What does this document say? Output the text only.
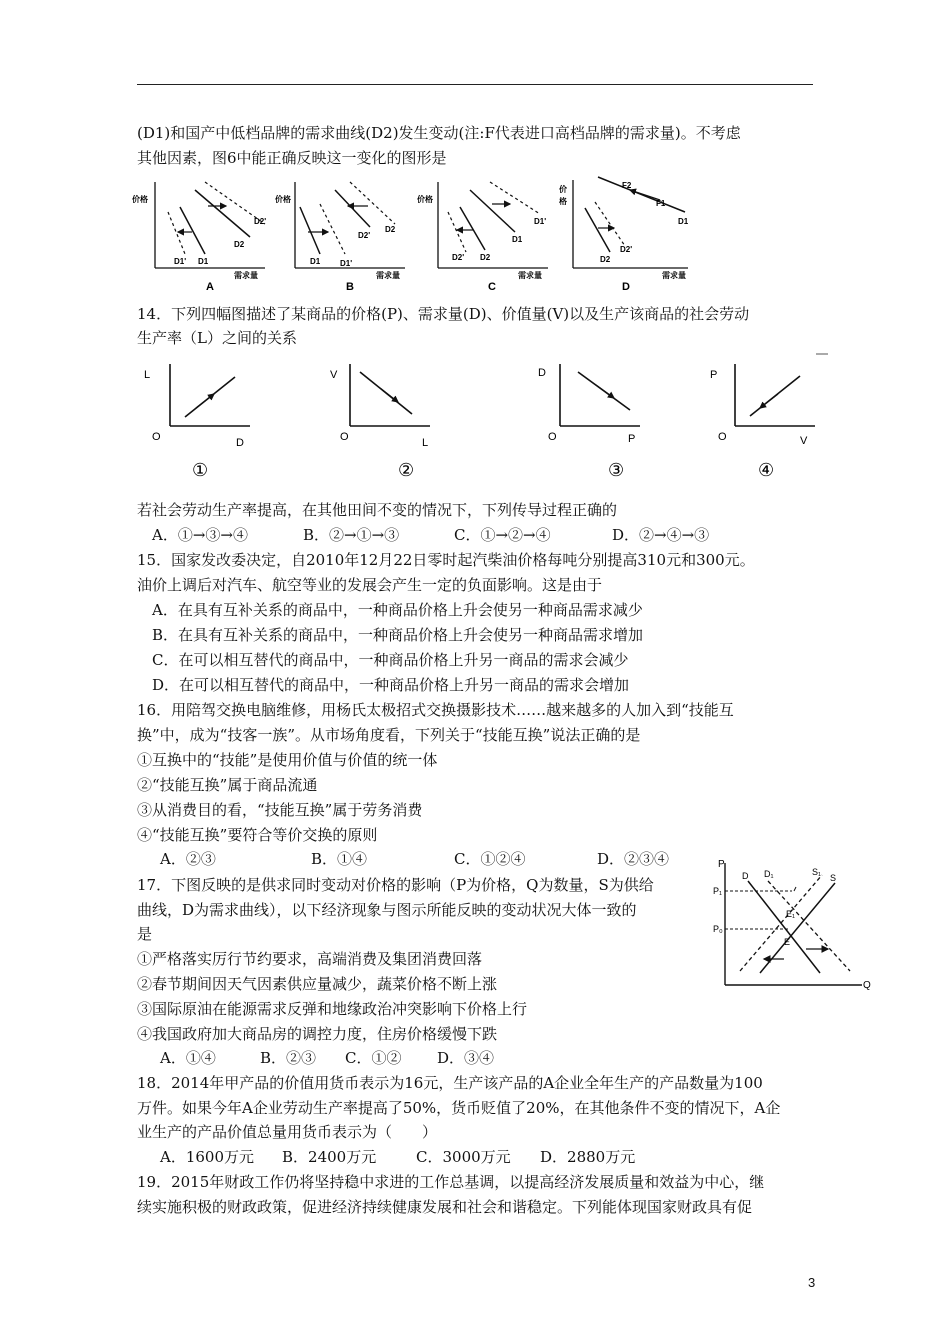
(D1)和国产中低档品牌的需求曲线(D2)发生变动(注:F代表进口高档品牌的需求量)。不考虑
其他因素，图6中能正确反映这一变化的图形是
价格
需求量
D1
D1'
D2
D2'
A
价格
需求量
D1 D1'
D2'
D2
B
价格
需求量
D2' D2
D1
D1'
C
价
格
需求量
F2
F1
D1
D2
D2'
D
14．下列四幅图描述了某商品的价格(P)、需求量(D)、价值量(V)以及生产该商品的社会劳动
生产率（L）之间的关系
L
O	D
①
V
O	L
②
D
O	P
③
P
O	V
④
若社会劳动生产率提高，在其他田间不变的情况下，下列传导过程正确的
A．①→③→④	B．②→①→③	C．①→②→④	D．②→④→③
15．国家发改委决定，自2010年12月22日零时起汽柴油价格每吨分别提高310元和300元。
油价上调后对汽车、航空等业的发展会产生一定的负面影响。这是由于
A．在具有互补关系的商品中，一种商品价格上升会使另一种商品需求减少
B．在具有互补关系的商品中，一种商品价格上升会使另一种商品需求增加
C．在可以相互替代的商品中，一种商品价格上升另一商品的需求会减少
D．在可以相互替代的商品中，一种商品价格上升另一商品的需求会增加
16．用陪驾交换电脑维修，用杨氏太极招式交换摄影技术……越来越多的人加入到“技能互
换”中，成为“技客一族”。从市场角度看，下列关于“技能互换”说法正确的是
①互换中的“技能”是使用价值与价值的统一体
②“技能互换”属于商品流通
③从消费目的看，“技能互换”属于劳务消费
④“技能互换”要符合等价交换的原则
A．②③	B．①④	C．①②④	D．②③④	P
Q
P₁
P₀
D D₁	S₁
S
E₁
E
17．下图反映的是供求同时变动对价格的影响（P为价格，Q为数量，S为供给
曲线，D为需求曲线），以下经济现象与图示所能反映的变动状况大体一致的
是
①严格落实厉行节约要求，高端消费及集团消费回落
②春节期间因天气因素供应量减少，蔬菜价格不断上涨
③国际原油在能源需求反弹和地缘政治冲突影响下价格上行
④我国政府加大商品房的调控力度，住房价格缓慢下跌
A．①④	B．②③ C．①② D．③④
18．2014年甲产品的价值用货币表示为16元，生产该产品的A企业全年生产的产品数量为100
万件。如果今年A企业劳动生产率提高了50%，货币贬值了20%，在其他条件不变的情况下，A企
业生产的产品价值总量用货币表示为（　　）
A．1600万元 B．2400万元	C．3000万元 D．2880万元
19．2015年财政工作仍将坚持稳中求进的工作总基调，以提高经济发展质量和效益为中心，继
续实施积极的财政政策，促进经济持续健康发展和社会和谐稳定。下列能体现国家财政具有促
3
